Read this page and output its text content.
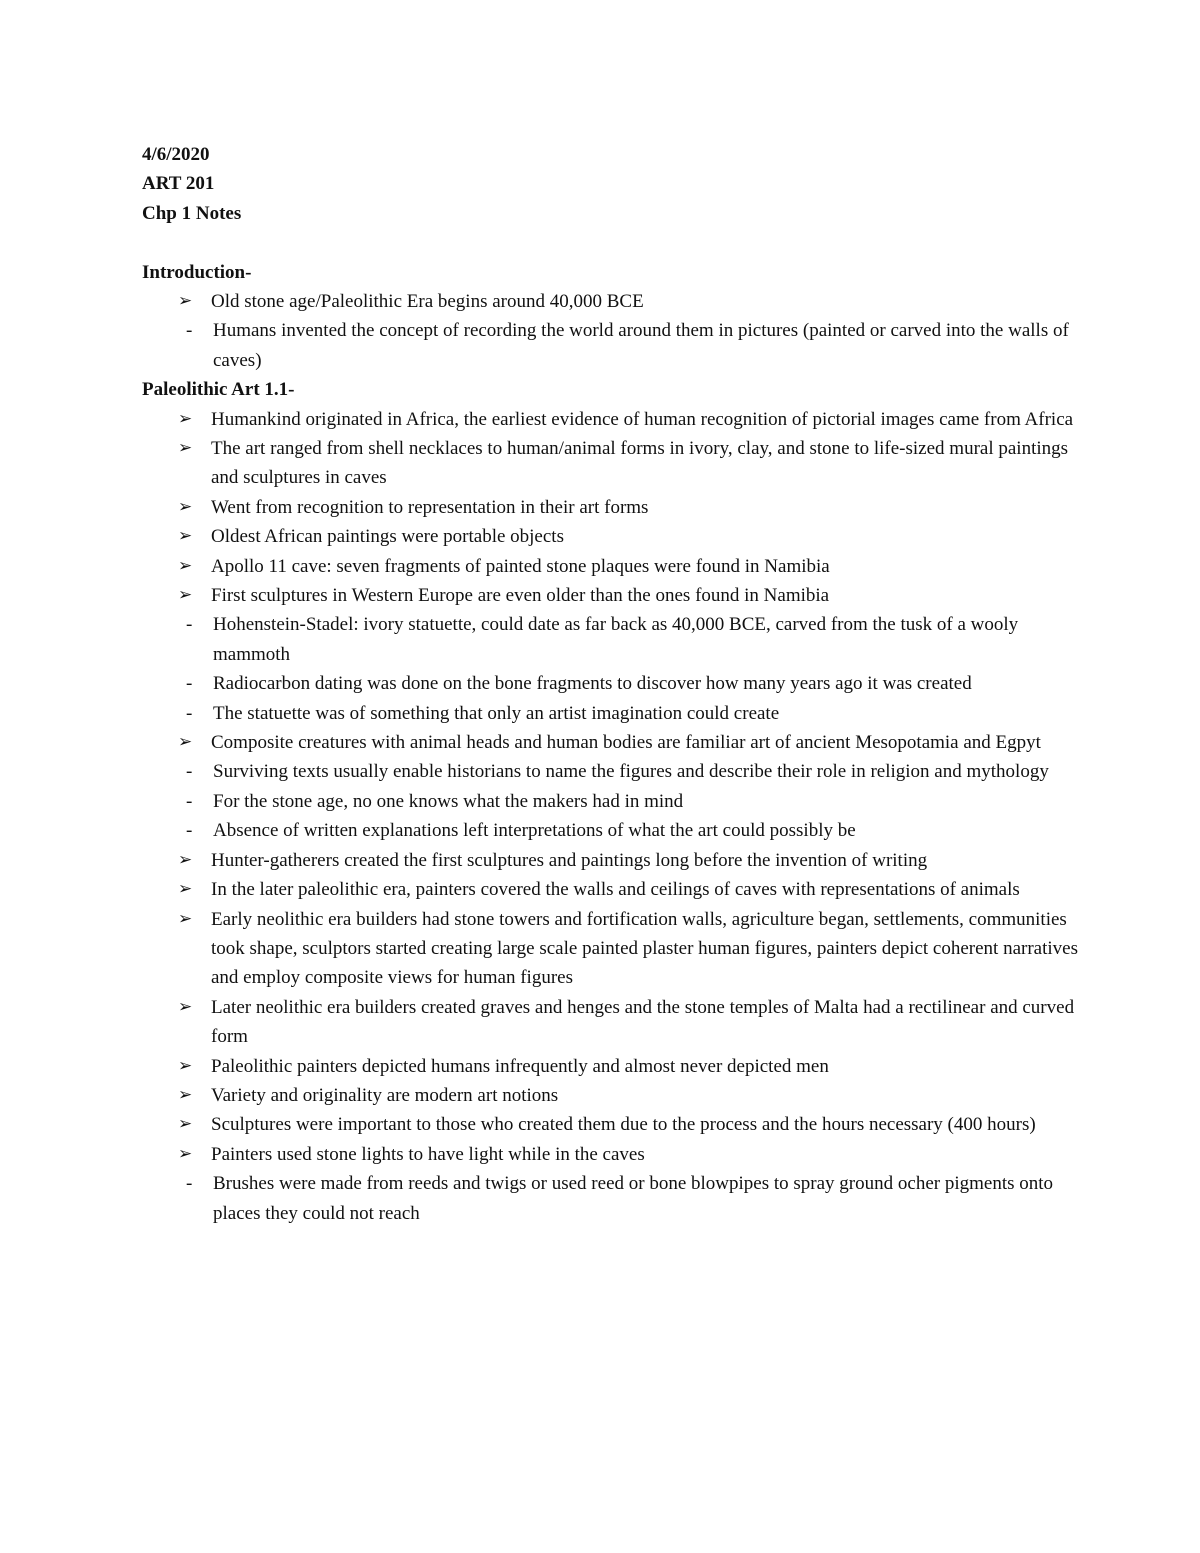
4/6/2020
ART 201
Chp 1 Notes
Introduction-
➢ Old stone age/Paleolithic Era begins around 40,000 BCE
- Humans invented the concept of recording the world around them in pictures (painted or carved into the walls of caves)
Paleolithic Art 1.1-
➢ Humankind originated in Africa, the earliest evidence of human recognition of pictorial images came from Africa
➢ The art ranged from shell necklaces to human/animal forms in ivory, clay, and stone to life-sized mural paintings and sculptures in caves
➢ Went from recognition to representation in their art forms
➢ Oldest African paintings were portable objects
➢ Apollo 11 cave: seven fragments of painted stone plaques were found in Namibia
➢ First sculptures in Western Europe are even older than the ones found in Namibia
- Hohenstein-Stadel: ivory statuette, could date as far back as 40,000 BCE, carved from the tusk of a wooly mammoth
- Radiocarbon dating was done on the bone fragments to discover how many years ago it was created
- The statuette was of something that only an artist imagination could create
➢ Composite creatures with animal heads and human bodies are familiar art of ancient Mesopotamia and Egpyt
- Surviving texts usually enable historians to name the figures and describe their role in religion and mythology
- For the stone age, no one knows what the makers had in mind
- Absence of written explanations left interpretations of what the art could possibly be
➢ Hunter-gatherers created the first sculptures and paintings long before the invention of writing
➢ In the later paleolithic era, painters covered the walls and ceilings of caves with representations of animals
➢ Early neolithic era builders had stone towers and fortification walls, agriculture began, settlements, communities took shape, sculptors started creating large scale painted plaster human figures, painters depict coherent narratives and employ composite views for human figures
➢ Later neolithic era builders created graves and henges and the stone temples of Malta had a rectilinear and curved form
➢ Paleolithic painters depicted humans infrequently and almost never depicted men
➢ Variety and originality are modern art notions
➢ Sculptures were important to those who created them due to the process and the hours necessary (400 hours)
➢ Painters used stone lights to have light while in the caves
- Brushes were made from reeds and twigs or used reed or bone blowpipes to spray ground ocher pigments onto places they could not reach
